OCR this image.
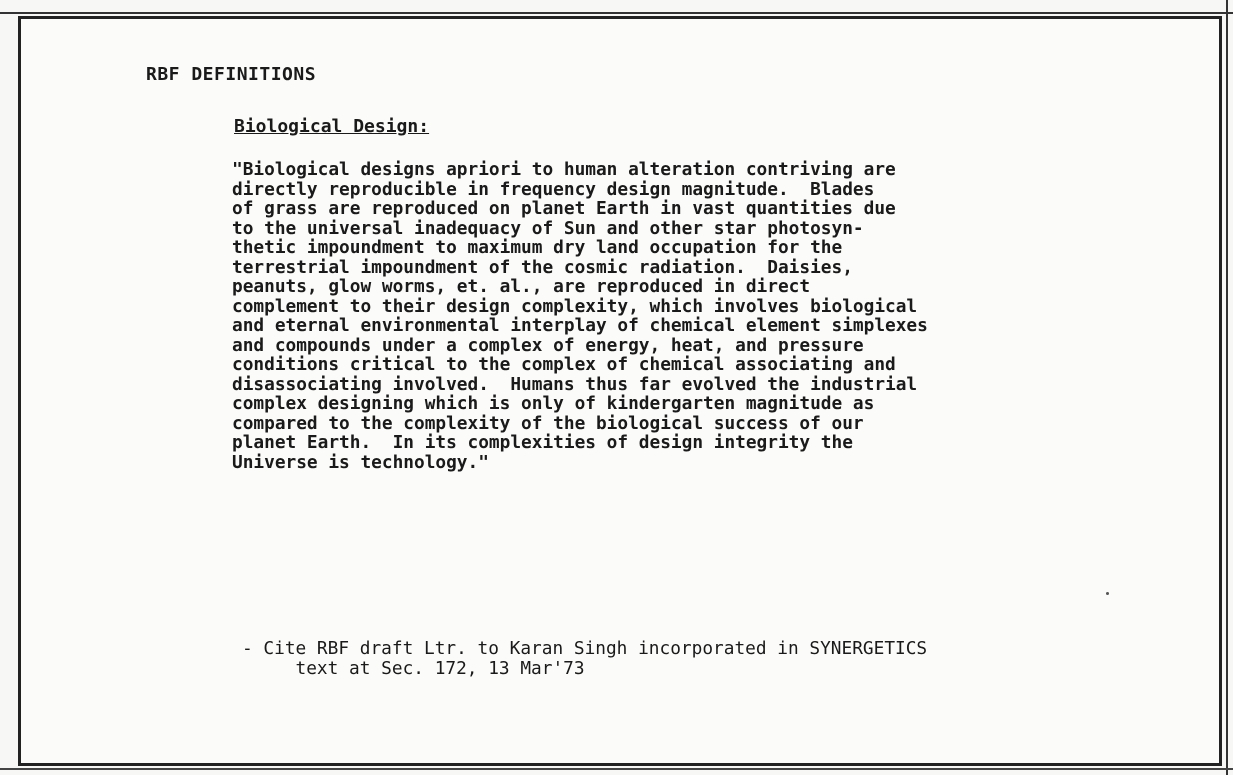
RBF DEFINITIONS
Biological Design:
"Biological designs apriori to human alteration contriving are
directly reproducible in frequency design magnitude.  Blades
of grass are reproduced on planet Earth in vast quantities due
to the universal inadequacy of Sun and other star photosyn-
thetic impoundment to maximum dry land occupation for the
terrestrial impoundment of the cosmic radiation.  Daisies,
peanuts, glow worms, et. al., are reproduced in direct
complement to their design complexity, which involves biological
and eternal environmental interplay of chemical element simplexes
and compounds under a complex of energy, heat, and pressure
conditions critical to the complex of chemical associating and
disassociating involved.  Humans thus far evolved the industrial
complex designing which is only of kindergarten magnitude as
compared to the complexity of the biological success of our
planet Earth.  In its complexities of design integrity the
Universe is technology."
- Cite RBF draft Ltr. to Karan Singh incorporated in SYNERGETICS
text at Sec. 172, 13 Mar'73
